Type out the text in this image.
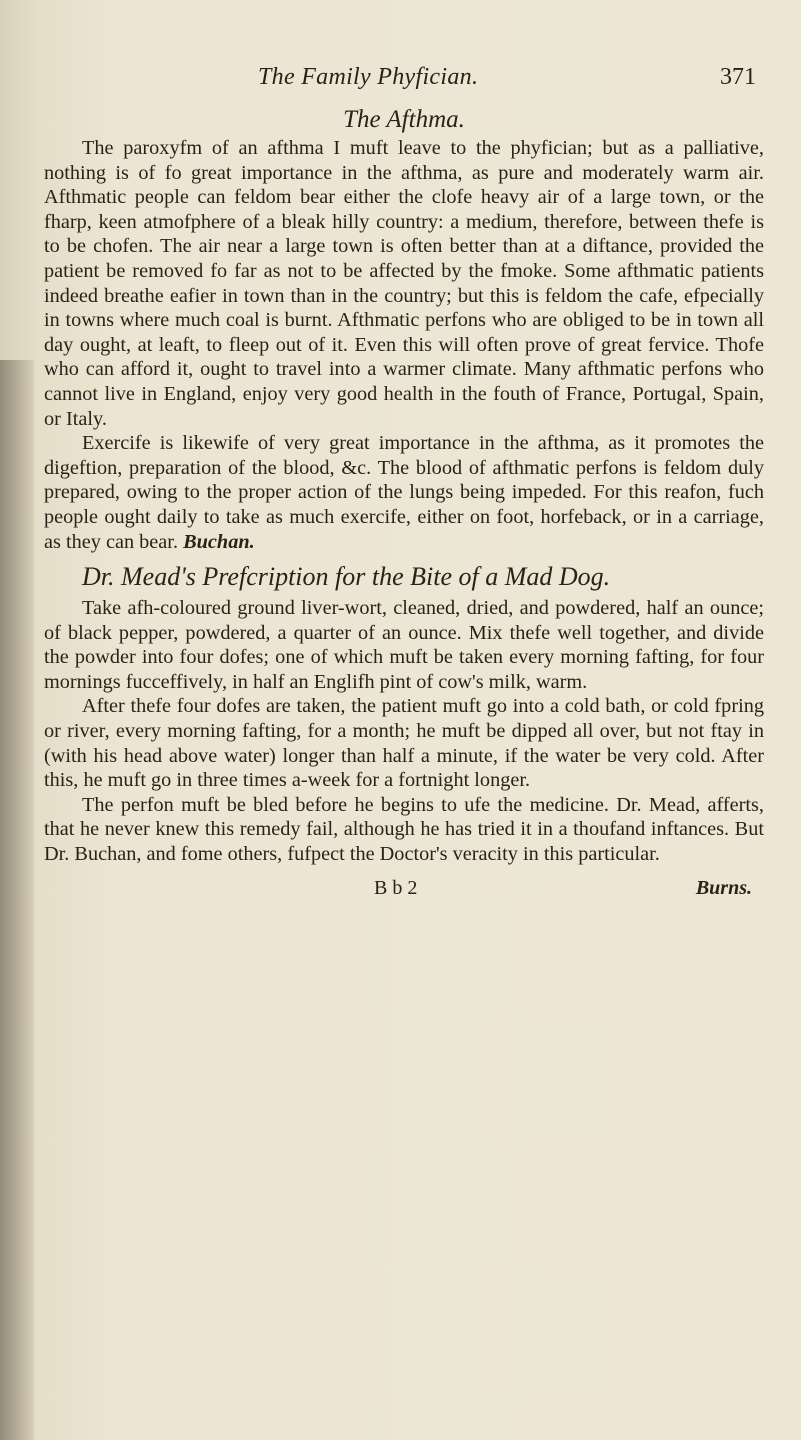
The Family Phyfician.	371
The Afthma.

The paroxyfm of an afthma I muft leave to the phyfician; but as a palliative, nothing is of fo great importance in the afthma, as pure and moderately warm air. Afthmatic people can feldom bear either the clofe heavy air of a large town, or the fharp, keen atmofphere of a bleak hilly country: a medium, therefore, between thefe is to be chofen. The air near a large town is often better than at a diftance, provided the patient be removed fo far as not to be affected by the fmoke. Some afthmatic patients indeed breathe eafier in town than in the country; but this is feldom the cafe, efpecially in towns where much coal is burnt. Afthmatic perfons who are obliged to be in town all day ought, at leaft, to fleep out of it. Even this will often prove of great fervice. Thofe who can afford it, ought to travel into a warmer climate. Many afthmatic perfons who cannot live in England, enjoy very good health in the fouth of France, Portugal, Spain, or Italy.

Exercife is likewife of very great importance in the afthma, as it promotes the digeftion, preparation of the blood, &c. The blood of afthmatic perfons is feldom duly prepared, owing to the proper action of the lungs being impeded. For this reafon, fuch people ought daily to take as much exercife, either on foot, horfeback, or in a carriage, as they can bear. Buchan.

Dr. Mead's Prefcription for the Bite of a Mad Dog.

Take afh-coloured ground liver-wort, cleaned, dried, and powdered, half an ounce; of black pepper, powdered, a quarter of an ounce. Mix thefe well together, and divide the powder into four dofes; one of which muft be taken every morning fafting, for four mornings fucceffively, in half an Englifh pint of cow's milk, warm.

After thefe four dofes are taken, the patient muft go into a cold bath, or cold fpring or river, every morning fafting, for a month; he muft be dipped all over, but not ftay in (with his head above water) longer than half a minute, if the water be very cold. After this, he muft go in three times a-week for a fortnight longer.

The perfon muft be bled before he begins to ufe the medicine. Dr. Mead, afferts, that he never knew this remedy fail, although he has tried it in a thoufand inftances. But Dr. Buchan, and fome others, fufpect the Doctor's veracity in this particular.

B b 2	Burns.
